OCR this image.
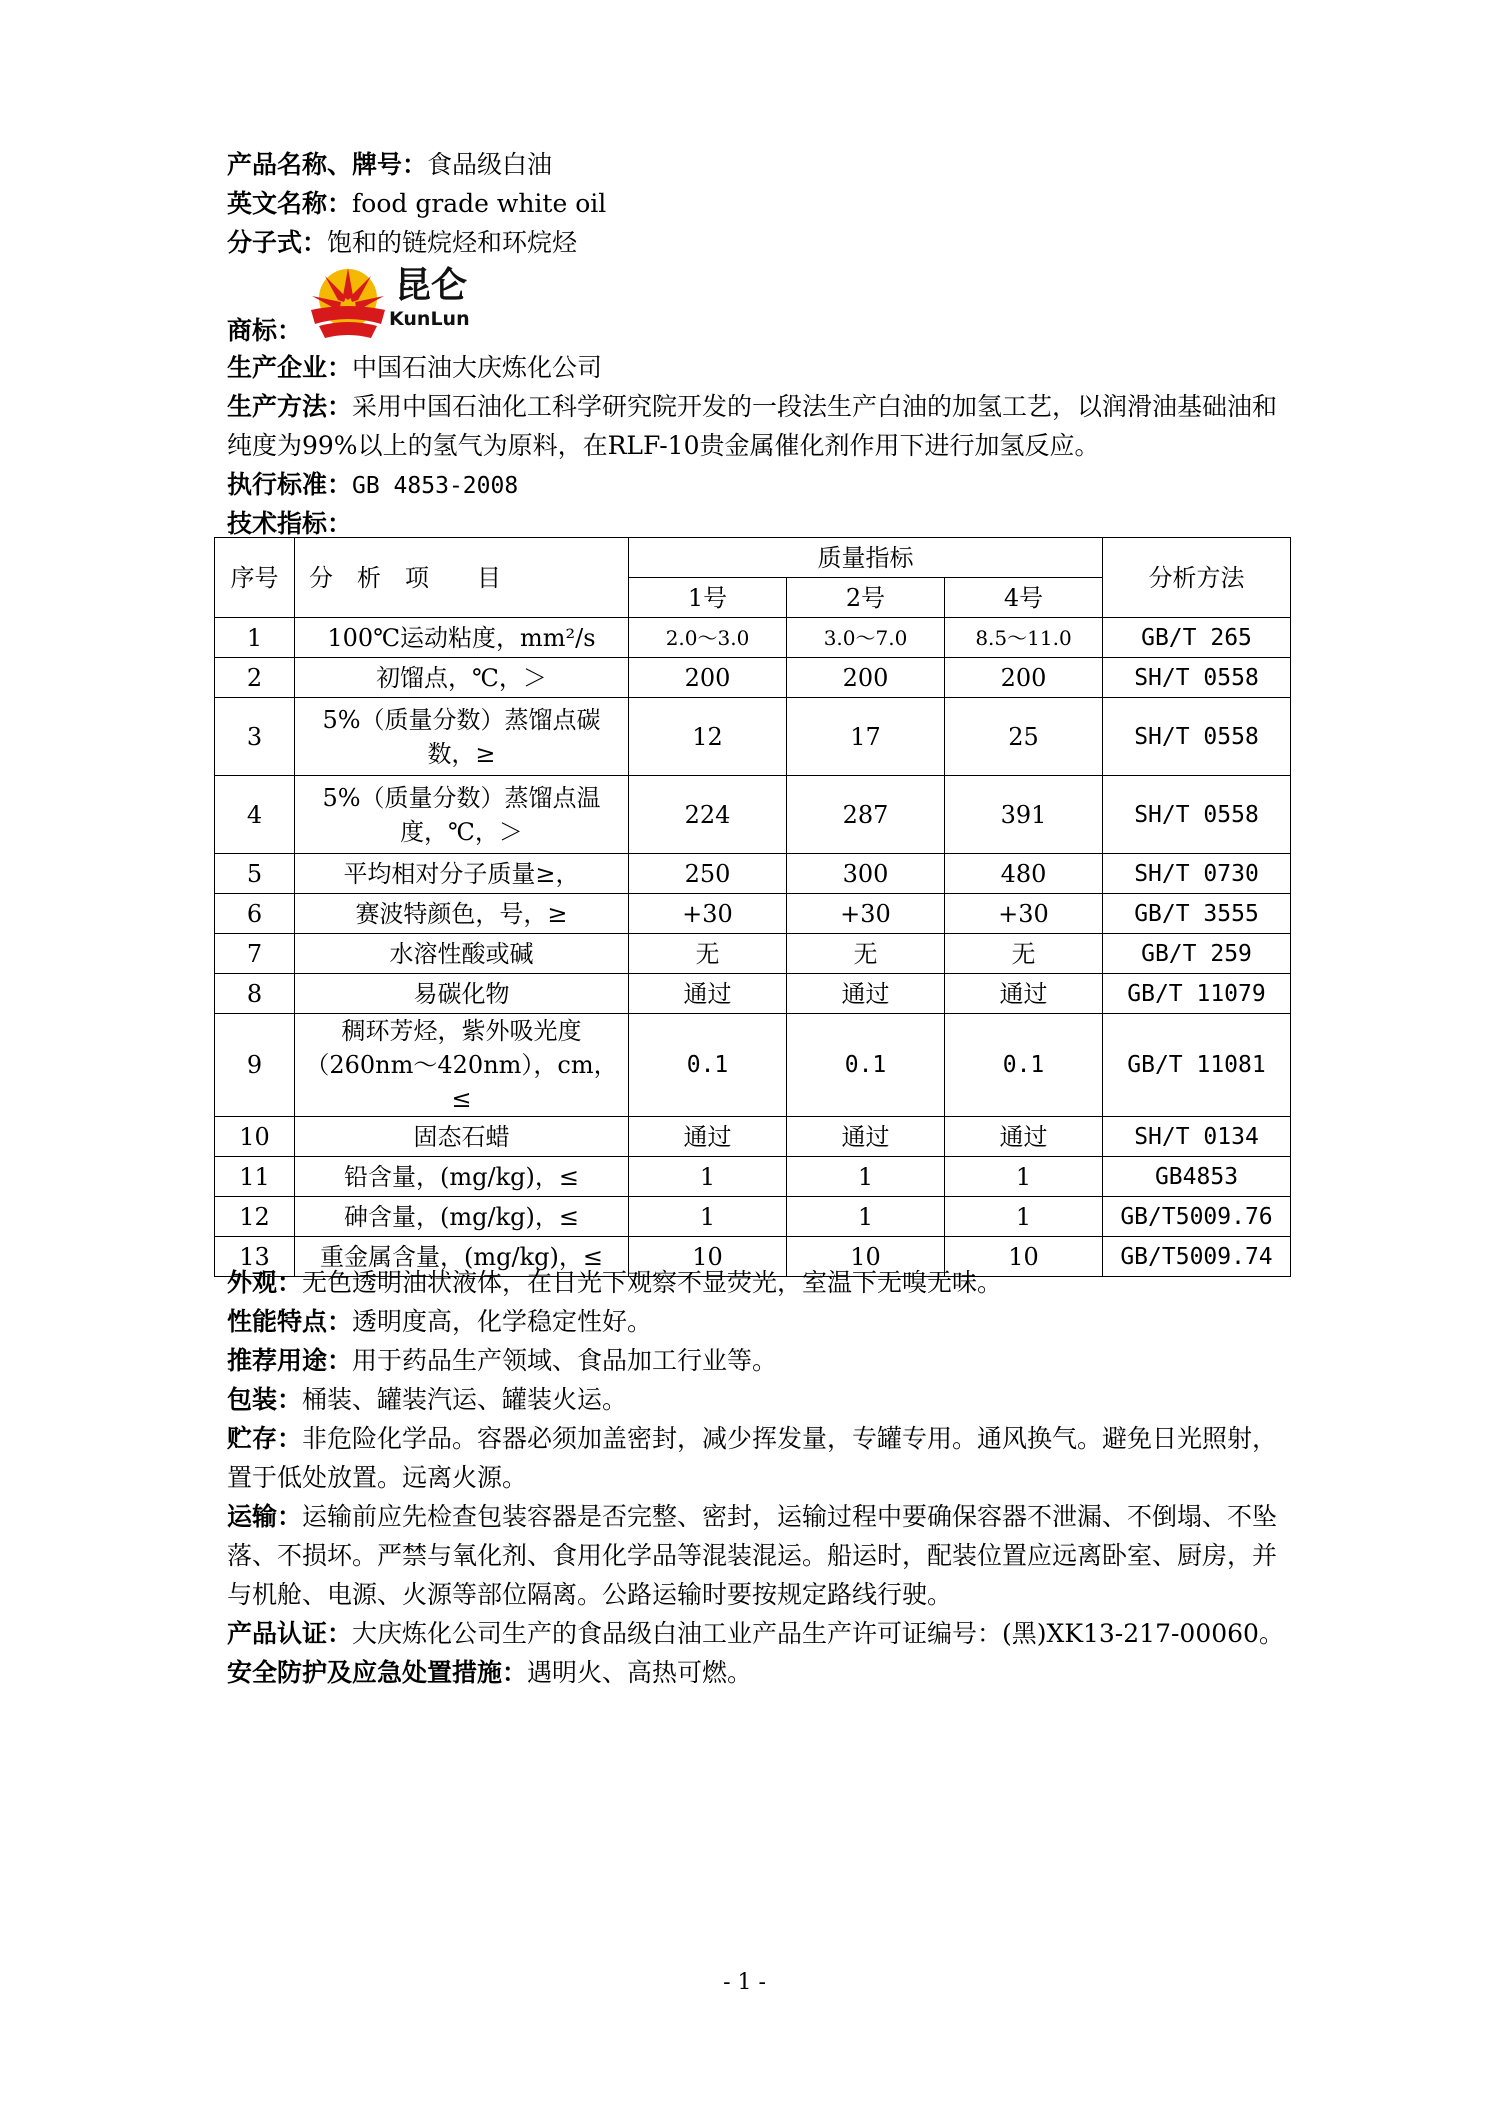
产品名称、牌号：食品级白油
英文名称：food grade white oil
分子式：饱和的链烷烃和环烷烃
商标：
昆仑
KunLun
生产企业：中国石油大庆炼化公司
生产方法：采用中国石油化工科学研究院开发的一段法生产白油的加氢工艺，以润滑油基础油和纯度为99%以上的氢气为原料，在RLF-10贵金属催化剂作用下进行加氢反应。
执行标准：GB 4853-2008
技术指标：
序号	分　析　项　　目	质量指标			分析方法
		1号	2号	4号	
1	100℃运动粘度，mm²/s	2.0～3.0	3.0～7.0	8.5～11.0	GB/T 265
2	初馏点，℃，＞	200	200	200	SH/T 0558
3	5%（质量分数）蒸馏点碳数，≥	12	17	25	SH/T 0558
4	5%（质量分数）蒸馏点温度，℃，＞	224	287	391	SH/T 0558
5	平均相对分子质量≥，	250	300	480	SH/T 0730
6	赛波特颜色，号，≥	+30	+30	+30	GB/T 3555
7	水溶性酸或碱	无	无	无	GB/T 259
8	易碳化物	通过	通过	通过	GB/T 11079
9	稠环芳烃，紫外吸光度（260nm～420nm），cm，≤	0.1	0.1	0.1	GB/T 11081
10	固态石蜡	通过	通过	通过	SH/T 0134
11	铅含量，(mg/kg)，≤	1	1	1	GB4853
12	砷含量，(mg/kg)，≤	1	1	1	GB/T5009.76
13	重金属含量，(mg/kg)，≤	10	10	10	GB/T5009.74
外观：无色透明油状液体，在日光下观察不显荧光，室温下无嗅无味。
性能特点：透明度高，化学稳定性好。
推荐用途：用于药品生产领域、食品加工行业等。
包装：桶装、罐装汽运、罐装火运。
贮存：非危险化学品。容器必须加盖密封，减少挥发量，专罐专用。通风换气。避免日光照射，置于低处放置。远离火源。
运输：运输前应先检查包装容器是否完整、密封，运输过程中要确保容器不泄漏、不倒塌、不坠落、不损坏。严禁与氧化剂、食用化学品等混装混运。船运时，配装位置应远离卧室、厨房，并与机舱、电源、火源等部位隔离。公路运输时要按规定路线行驶。
产品认证：大庆炼化公司生产的食品级白油工业产品生产许可证编号：(黑)XK13-217-00060。
安全防护及应急处置措施：遇明火、高热可燃。
- 1 -
